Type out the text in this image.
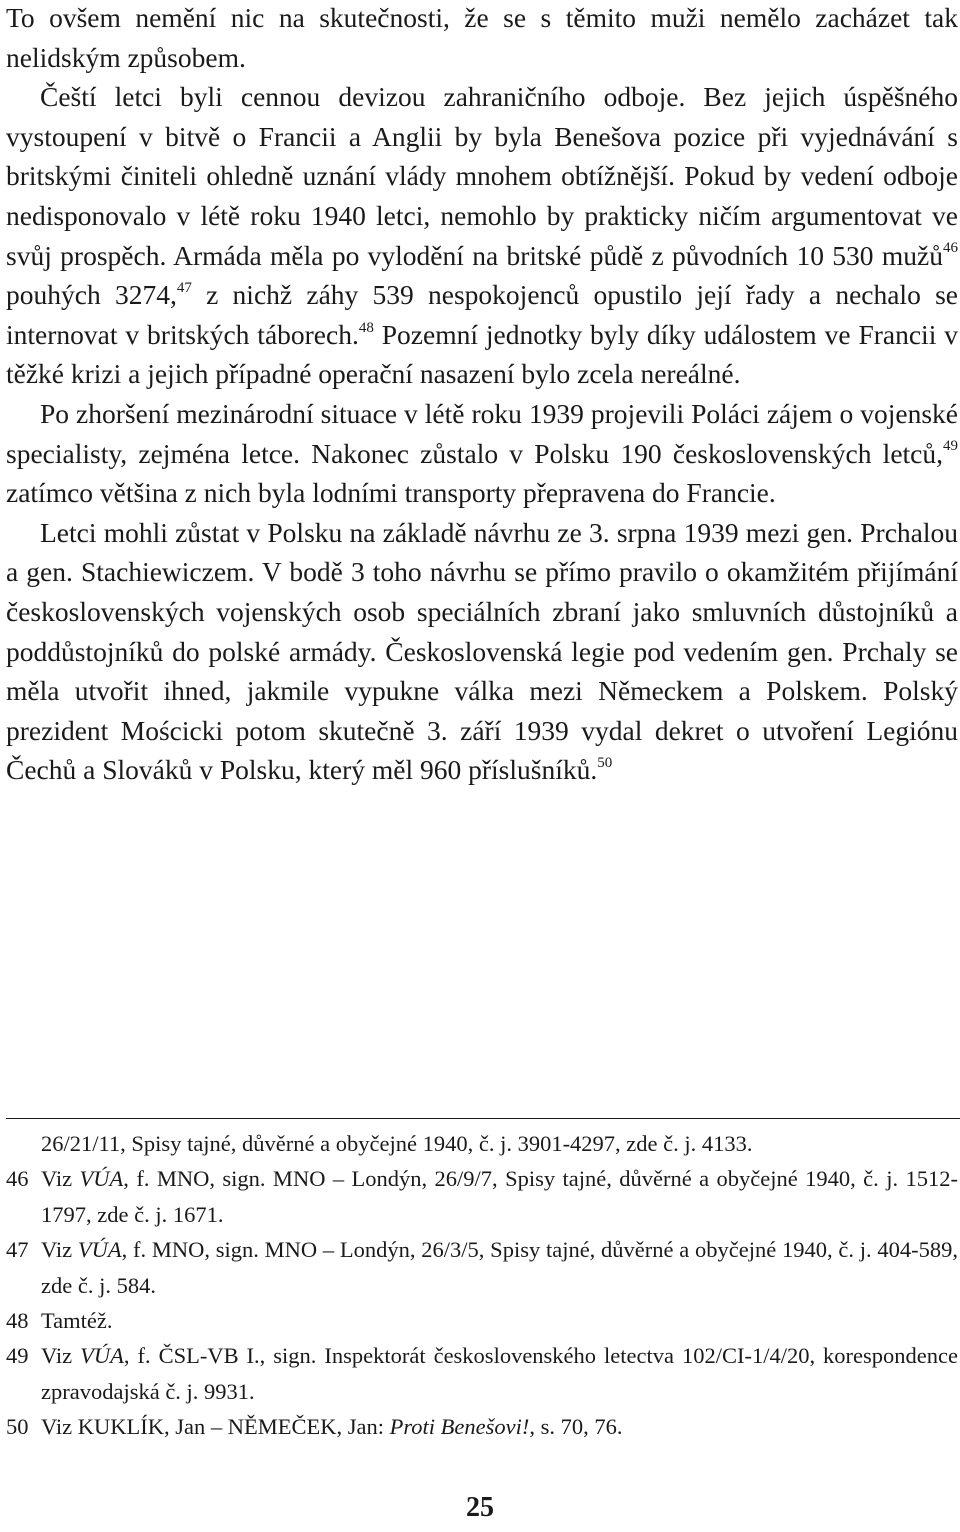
To ovšem nemění nic na skutečnosti, že se s těmito muži nemělo zacházet tak nelidským způsobem.

Čeští letci byli cennou devizou zahraničního odboje. Bez jejich úspěšného vystoupení v bitvě o Francii a Anglii by byla Benešova pozice při vyjednávání s britskými činiteli ohledně uznání vlády mnohem obtížnější. Pokud by vedení odboje nedisponovalo v létě roku 1940 letci, nemohlo by prakticky ničím argumentovat ve svůj prospěch. Armáda měla po vylodění na britské půdě z původních 10 530 mužů$^{46}$ pouhých 3274,47 z nichž záhy 539 nespokojenců opustilo její řady a nechalo se internovat v britských táborech.$^{48}$ Pozemní jednotky byly díky událostem ve Francii v těžké krizi a jejich případné operační nasazení bylo zcela nereálné.

Po zhoršení mezinárodní situace v létě roku 1939 projevili Poláci zájem o vojenské specialisty, zejména letce. Nakonec zůstalo v Polsku 190 československých letců,$^{49}$ zatímco většina z nich byla lodními transporty přepravena do Francie.

Letci mohli zůstat v Polsku na základě návrhu ze 3. srpna 1939 mezi gen. Prchalou a gen. Stachiewiczem. V bodě 3 toho návrhu se přímo pravilo o okamžitém přijímání československých vojenských osob speciálních zbraní jako smluvních důstojníků a poddůstojníků do polské armády. Československá legie pod vedením gen. Prchaly se měla utvořit ihned, jakmile vypukne válka mezi Německem a Polskem. Polský prezident Mościcki potom skutečně 3. září 1939 vydal dekret o utvoření Legiónu Čechů a Slováků v Polsku, který měl 960 příslušníků.$^{50}$

26/21/11, Spisy tajné, důvěrné a obyčejné 1940, č. j. 3901-4297, zde č. j. 4133.
46 Viz VÚA, f. MNO, sign. MNO – Londýn, 26/9/7, Spisy tajné, důvěrné a obyčejné 1940, č. j. 1512-1797, zde č. j. 1671.
47 Viz VÚA, f. MNO, sign. MNO – Londýn, 26/3/5, Spisy tajné, důvěrné a obyčejné 1940, č. j. 404-589, zde č. j. 584.
48 Tamtéž.
49 Viz VÚA, f. ČSL-VB I., sign. Inspektorát československého letectva 102/CI-1/4/20, korespondence zpravodajská č. j. 9931.
50 Viz KUKLÍK, Jan – NĚMEČEK, Jan: Proti Benešovi!, s. 70, 76.
25
